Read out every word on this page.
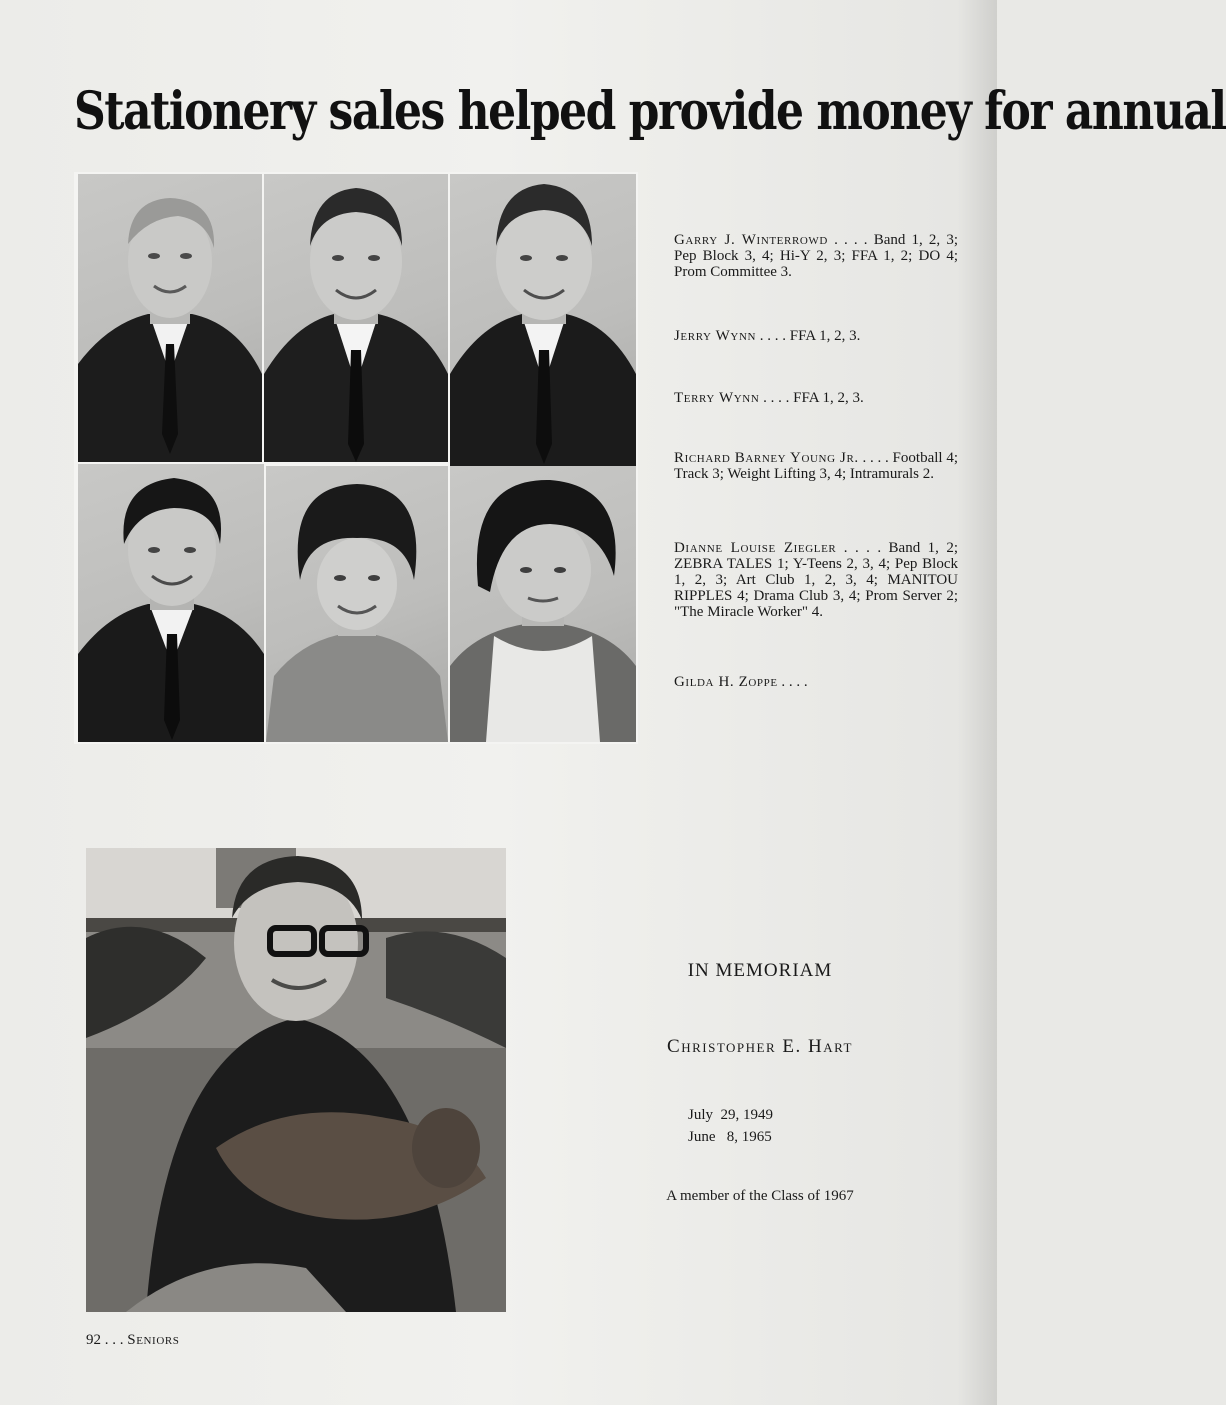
Stationery sales helped provide money for annual
Garry J. Winterrowd . . . . Band 1, 2, 3; Pep Block 3, 4; Hi-Y 2, 3; FFA 1, 2; DO 4; Prom Committee 3.
Jerry Wynn . . . . FFA 1, 2, 3.
Terry Wynn . . . . FFA 1, 2, 3.
Richard Barney Young Jr. . . . . Football 4; Track 3; Weight Lifting 3, 4; Intramurals 2.
Dianne Louise Ziegler . . . . Band 1, 2; ZEBRA TALES 1; Y-Teens 2, 3, 4; Pep Block 1, 2, 3; Art Club 1, 2, 3, 4; MANITOU RIPPLES 4; Drama Club 3, 4; Prom Server 2; "The Miracle Worker" 4.
Gilda H. Zoppe . . . .
IN MEMORIAM
Christopher E. Hart
July  29, 1949
June   8, 1965
A member of the Class of 1967
92 . . . Seniors
